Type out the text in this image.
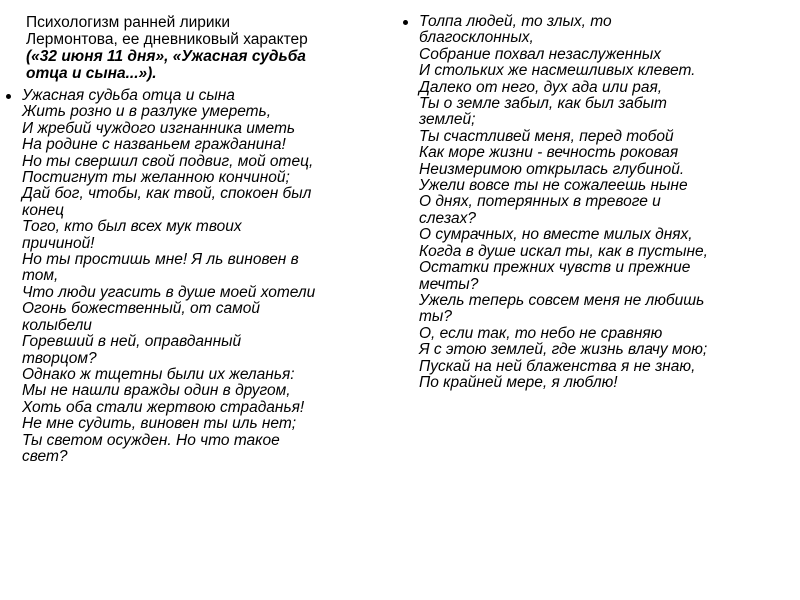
Психологизм ранней лирики
Лермонтова, ее дневниковый характер
(«32 июня 11 дня», «Ужасная судьба
отца и сына...»).
Ужасная судьба отца и сына
Жить розно и в разлуке умереть,
И жребий чуждого изгнанника иметь
На родине с названьем гражданина!
Но ты свершил свой подвиг, мой отец,
Постигнут ты желанною кончиной;
Дай бог, чтобы, как твой, спокоен был
конец
Того, кто был всех мук твоих
причиной!
Но ты простишь мне! Я ль виновен в
том,
Что люди угасить в душе моей хотели
Огонь божественный, от самой
колыбели
Горевший в ней, оправданный
творцом?
Однако ж тщетны были их желанья:
Мы не нашли вражды один в другом,
Хоть оба стали жертвою страданья!
Не мне судить, виновен ты иль нет;
Ты светом осужден. Но что такое
свет?
Толпа людей, то злых, то
благосклонных,
Собрание похвал незаслуженных
И стольких же насмешливых клевет.
Далеко от него, дух ада или рая,
Ты о земле забыл, как был забыт
землей;
Ты счастливей меня, перед тобой
Как море жизни - вечность роковая
Неизмеримою открылась глубиной.
Ужели вовсе ты не сожалеешь ныне
О днях, потерянных в тревоге и
слезах?
О сумрачных, но вместе милых днях,
Когда в душе искал ты, как в пустыне,
Остатки прежних чувств и прежние
мечты?
Ужель теперь совсем меня не любишь
ты?
О, если так, то небо не сравняю
Я с этою землей, где жизнь влачу мою;
Пускай на ней блаженства я не знаю,
По крайней мере, я люблю!
